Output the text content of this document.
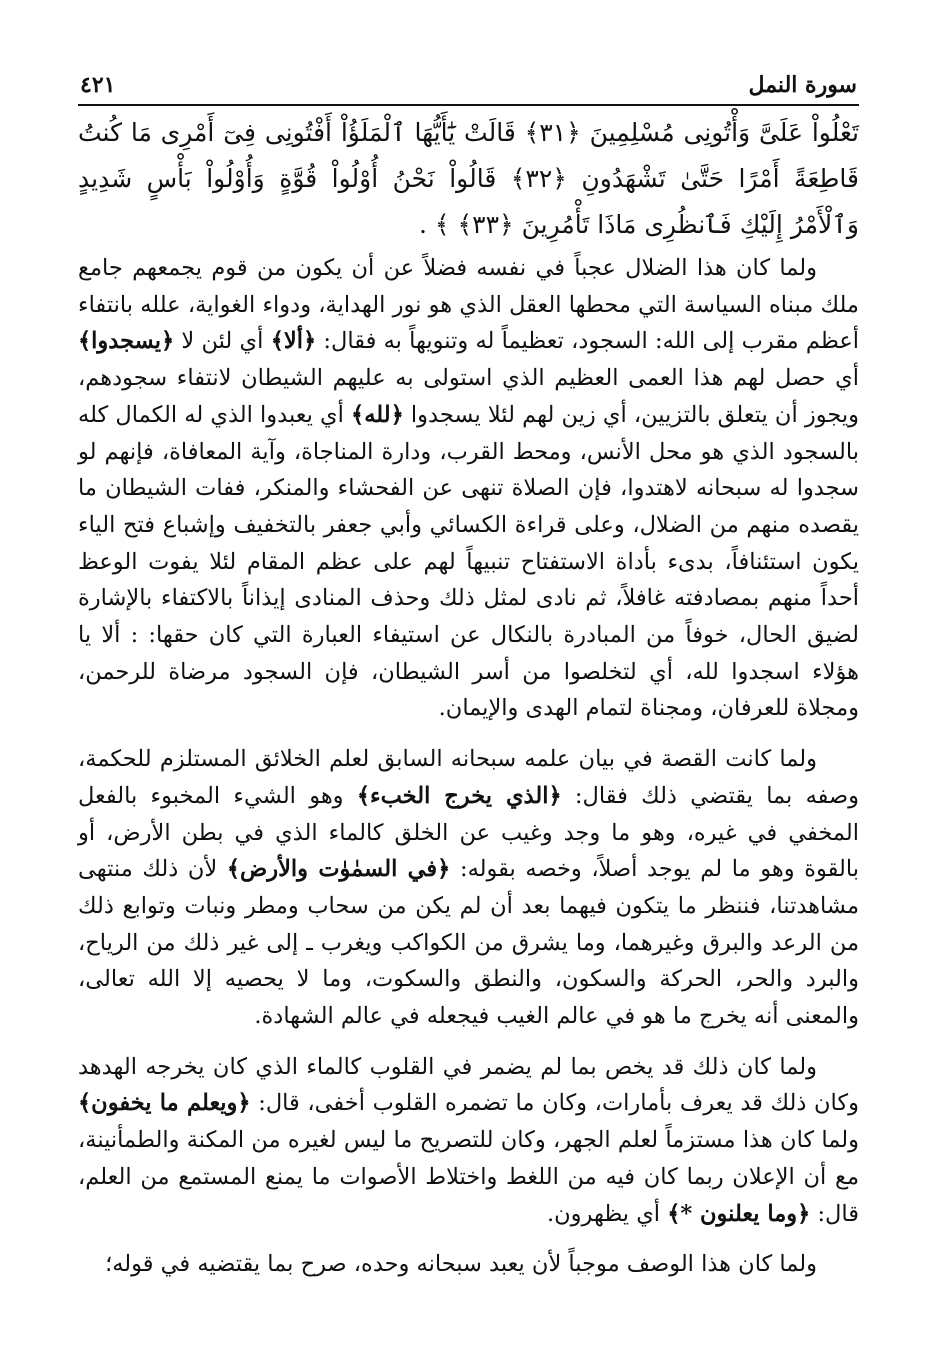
٤٢١	سورة النمل

تَعْلُواْ عَلَىَّ وَأْتُونِى مُسْلِمِينَ ﴿٣١﴾ قَالَتْ يَٰٓأَيُّهَا ٱلْمَلَؤُاْ أَفْتُونِى فِىٓ أَمْرِى مَا كُنتُ قَاطِعَةً أَمْرًا حَتَّىٰ تَشْهَدُونِ ﴿٣٢﴾ قَالُواْ نَحْنُ أُوْلُواْ قُوَّةٍ وَأُوْلُواْ بَأْسٍ شَدِيدٍ وَٱلْأَمْرُ إِلَيْكِ فَٱنظُرِى مَاذَا تَأْمُرِينَ ﴿٣٣﴾ ﴾ .

ولما كان هذا الضلال عجباً في نفسه فضلاً عن أن يكون من قوم يجمعهم جامع ملك مبناه السياسة التي محطها العقل الذي هو نور الهداية، ودواء الغواية، علله بانتفاء أعظم مقرب إلى الله: السجود، تعظيماً له وتنويهاً به فقال: ﴿ألا﴾ أي لئن لا ﴿يسجدوا﴾ أي حصل لهم هذا العمى العظيم الذي استولى به عليهم الشيطان لانتفاء سجودهم، ويجوز أن يتعلق بالتزيين، أي زين لهم لئلا يسجدوا ﴿لله﴾ أي يعبدوا الذي له الكمال كله بالسجود الذي هو محل الأنس، ومحط القرب، ودارة المناجاة، وآية المعافاة، فإنهم لو سجدوا له سبحانه لاهتدوا، فإن الصلاة تنهى عن الفحشاء والمنكر، ففات الشيطان ما يقصده منهم من الضلال، وعلى قراءة الكسائي وأبي جعفر بالتخفيف وإشباع فتح الياء يكون استئنافاً، بدىء بأداة الاستفتاح تنبيهاً لهم على عظم المقام لئلا يفوت الوعظ أحداً منهم بمصادفته غافلاً، ثم نادى لمثل ذلك وحذف المنادى إيذاناً بالاكتفاء بالإشارة لضيق الحال، خوفاً من المبادرة بالنكال عن استيفاء العبارة التي كان حقها: : ألا يا هؤلاء اسجدوا لله، أي لتخلصوا من أسر الشيطان، فإن السجود مرضاة للرحمن، ومجلاة للعرفان، ومجناة لتمام الهدى والإيمان.

ولما كانت القصة في بيان علمه سبحانه السابق لعلم الخلائق المستلزم للحكمة، وصفه بما يقتضي ذلك فقال: ﴿الذي يخرج الخبء﴾ وهو الشيء المخبوء بالفعل المخفي في غيره، وهو ما وجد وغيب عن الخلق كالماء الذي في بطن الأرض، أو بالقوة وهو ما لم يوجد أصلاً، وخصه بقوله: ﴿في السمٰوٰت والأرض﴾ لأن ذلك منتهى مشاهدتنا، فننظر ما يتكون فيهما بعد أن لم يكن من سحاب ومطر ونبات وتوابع ذلك من الرعد والبرق وغيرهما، وما يشرق من الكواكب ويغرب ـ إلى غير ذلك من الرياح، والبرد والحر، الحركة والسكون، والنطق والسكوت، وما لا يحصيه إلا الله تعالى، والمعنى أنه يخرج ما هو في عالم الغيب فيجعله في عالم الشهادة.

ولما كان ذلك قد يخص بما لم يضمر في القلوب كالماء الذي كان يخرجه الهدهد وكان ذلك قد يعرف بأمارات، وكان ما تضمره القلوب أخفى، قال: ﴿ويعلم ما يخفون﴾ ولما كان هذا مستزماً لعلم الجهر، وكان للتصريح ما ليس لغيره من المكنة والطمأنينة، مع أن الإعلان ربما كان فيه من اللغط واختلاط الأصوات ما يمنع المستمع من العلم، قال: ﴿وما يعلنون *﴾ أي يظهرون.

ولما كان هذا الوصف موجباً لأن يعبد سبحانه وحده، صرح بما يقتضيه في قوله؛
